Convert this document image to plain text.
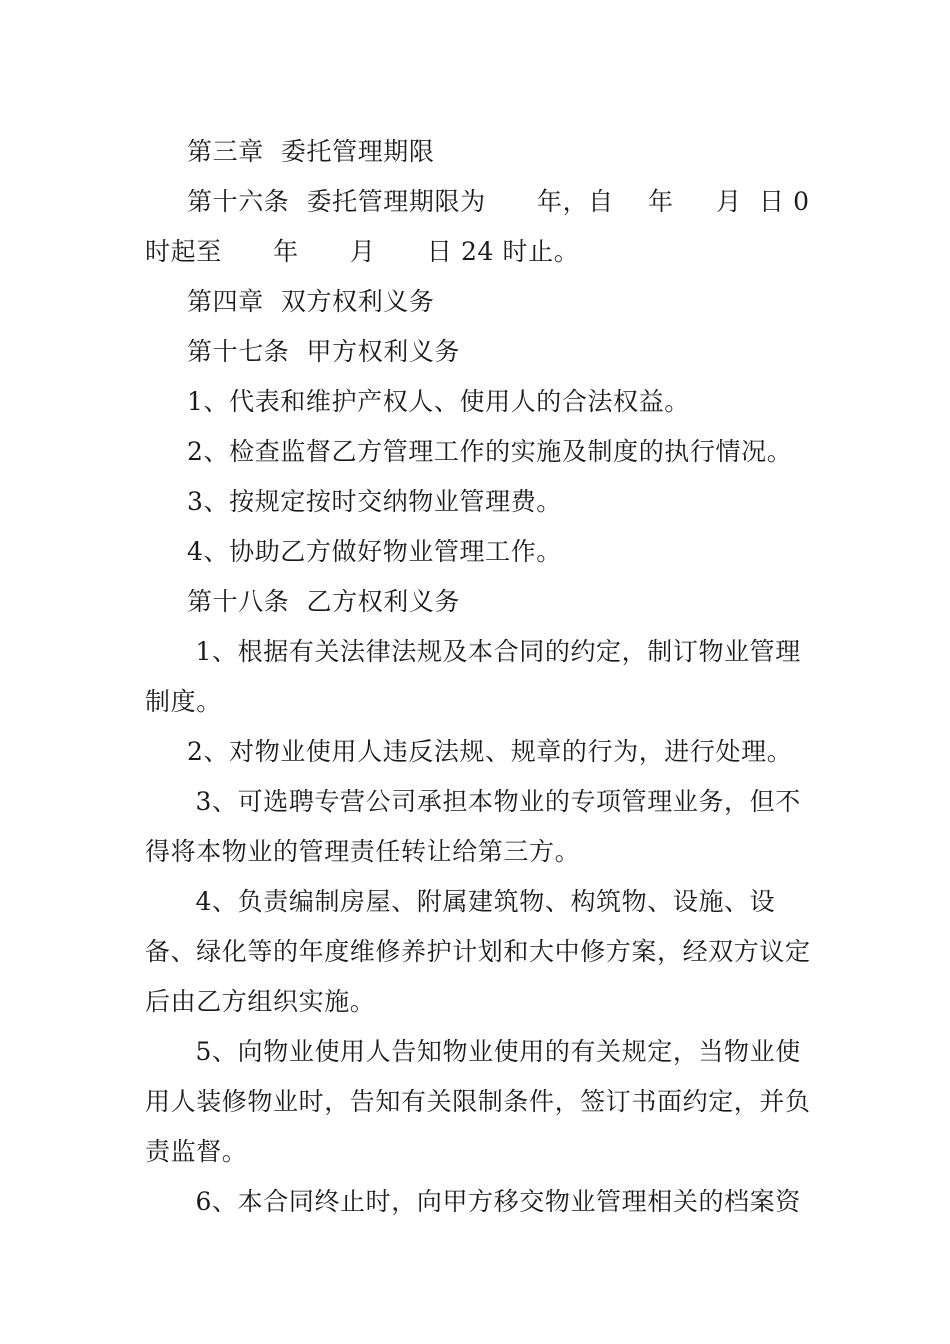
第三章  委托管理期限

第十六条  委托管理期限为      年，自    年     月  日 0 时起至      年      月      日 24 时止。

第四章  双方权利义务

第十七条  甲方权利义务

1、代表和维护产权人、使用人的合法权益。

2、检查监督乙方管理工作的实施及制度的执行情况。

3、按规定按时交纳物业管理费。

4、协助乙方做好物业管理工作。

第十八条  乙方权利义务

1、根据有关法律法规及本合同的约定，制订物业管理制度。

2、对物业使用人违反法规、规章的行为，进行处理。

3、可选聘专营公司承担本物业的专项管理业务，但不得将本物业的管理责任转让给第三方。

4、负责编制房屋、附属建筑物、构筑物、设施、设备、绿化等的年度维修养护计划和大中修方案，经双方议定后由乙方组织实施。

5、向物业使用人告知物业使用的有关规定，当物业使用人装修物业时，告知有关限制条件，签订书面约定，并负责监督。

6、本合同终止时，向甲方移交物业管理相关的档案资
